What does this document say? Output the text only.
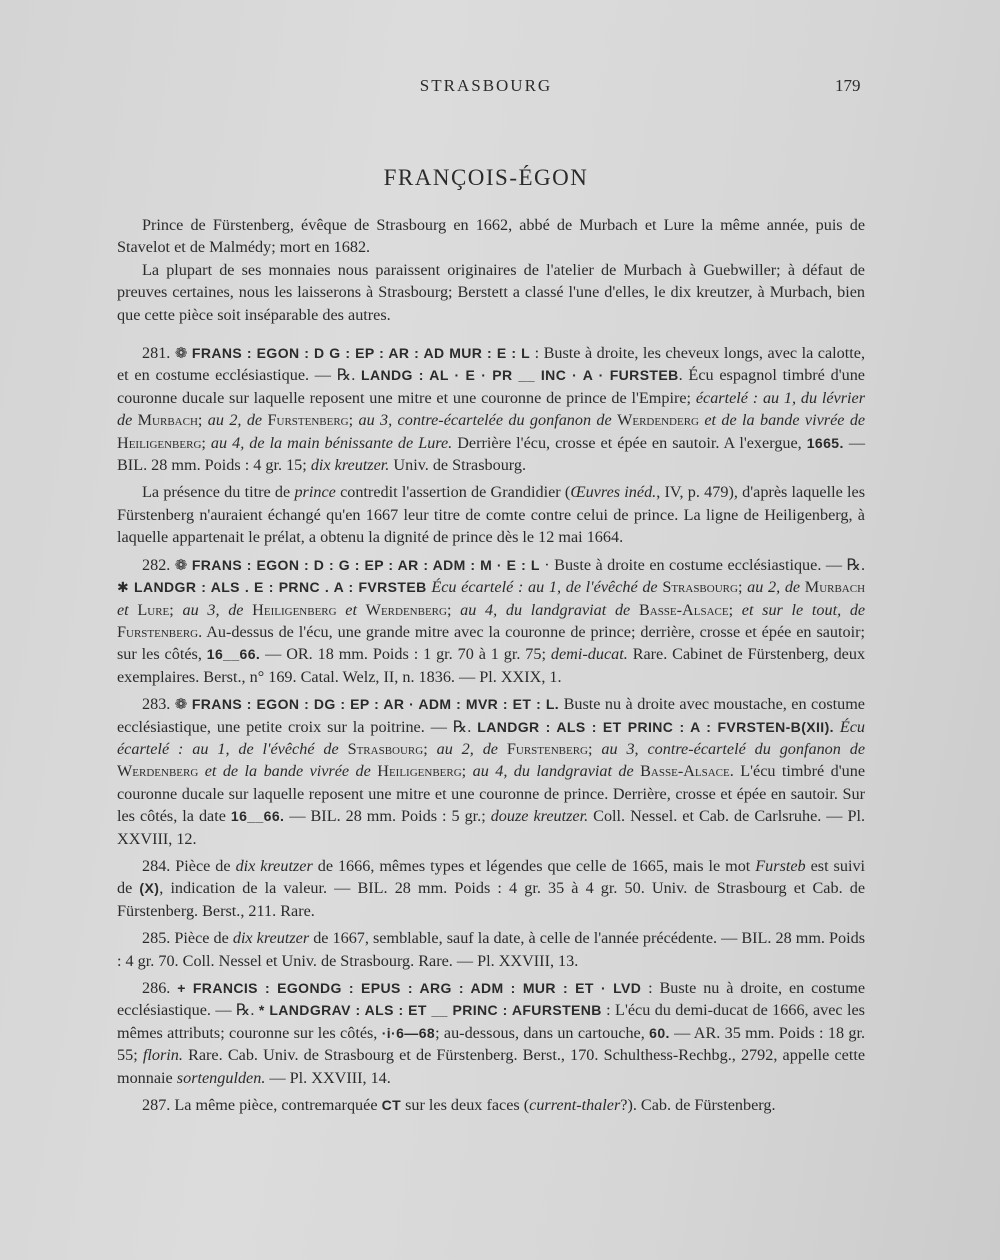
STRASBOURG	179
FRANÇOIS-ÉGON

Prince de Fürstenberg, évêque de Strasbourg en 1662, abbé de Murbach et Lure la même année, puis de Stavelot et de Malmédy; mort en 1682.

La plupart de ses monnaies nous paraissent originaires de l'atelier de Murbach à Guebwiller; à défaut de preuves certaines, nous les laisserons à Strasbourg; Berstett a classé l'une d'elles, le dix kreutzer, à Murbach, bien que cette pièce soit inséparable des autres.

281. ❁ FRANS : EGON : D G : EP : AR : AD MUR : E : L : Buste à droite, les cheveux longs, avec la calotte, et en costume ecclésiastique. — ℞. LANDG : AL · E · PR __ INC · A · FURSTEB. Écu espagnol timbré d'une couronne ducale sur laquelle reposent une mitre et une couronne de prince de l'Empire; écartelé : au 1, du lévrier de Murbach; au 2, de Furstenberg; au 3, contre-écartelée du gonfanon de Werdenderg et de la bande vivrée de Heiligenberg; au 4, de la main bénissante de Lure. Derrière l'écu, crosse et épée en sautoir. A l'exergue, 1665. — BIL. 28 mm. Poids : 4 gr. 15; dix kreutzer. Univ. de Strasbourg.

La présence du titre de prince contredit l'assertion de Grandidier (Œuvres inéd., IV, p. 479), d'après laquelle les Fürstenberg n'auraient échangé qu'en 1667 leur titre de comte contre celui de prince. La ligne de Heiligenberg, à laquelle appartenait le prélat, a obtenu la dignité de prince dès le 12 mai 1664.

282. ❁ FRANS : EGON : D : G : EP : AR : ADM : M · E : L · Buste à droite en costume ecclésiastique. — ℞. ✱ LANDGR : ALS . E : PRNC . A : FVRSTEB Écu écartelé : au 1, de l'évêché de Strasbourg; au 2, de Murbach et Lure; au 3, de Heiligenberg et Werdenberg; au 4, du landgraviat de Basse-Alsace; et sur le tout, de Furstenberg. Au-dessus de l'écu, une grande mitre avec la couronne de prince; derrière, crosse et épée en sautoir; sur les côtés, 16__66. — OR. 18 mm. Poids : 1 gr. 70 à 1 gr. 75; demi-ducat. Rare. Cabinet de Fürstenberg, deux exemplaires. Berst., n° 169. Catal. Welz, II, n. 1836. — Pl. XXIX, 1.

283. ❁ FRANS : EGON : DG : EP : AR · ADM : MVR : ET : L. Buste nu à droite avec moustache, en costume ecclésiastique, une petite croix sur la poitrine. — ℞. LANDGR : ALS : ET PRINC : A : FVRSTEN-B(XII). Écu écartelé : au 1, de l'évêché de Strasbourg; au 2, de Furstenberg; au 3, contre-écartelé du gonfanon de Werdenberg et de la bande vivrée de Heiligenberg; au 4, du landgraviat de Basse-Alsace. L'écu timbré d'une couronne ducale sur laquelle reposent une mitre et une couronne de prince. Derrière, crosse et épée en sautoir. Sur les côtés, la date 16__66. — BIL. 28 mm. Poids : 5 gr.; douze kreutzer. Coll. Nessel. et Cab. de Carlsruhe. — Pl. XXVIII, 12.

284. Pièce de dix kreutzer de 1666, mêmes types et légendes que celle de 1665, mais le mot Fursteb est suivi de (X), indication de la valeur. — BIL. 28 mm. Poids : 4 gr. 35 à 4 gr. 50. Univ. de Strasbourg et Cab. de Fürstenberg. Berst., 211. Rare.

285. Pièce de dix kreutzer de 1667, semblable, sauf la date, à celle de l'année précédente. — BIL. 28 mm. Poids : 4 gr. 70. Coll. Nessel et Univ. de Strasbourg. Rare. — Pl. XXVIII, 13.

286. + FRANCIS : EGONDG : EPUS : ARG : ADM : MUR : ET · LVD : Buste nu à droite, en costume ecclésiastique. — ℞. * LANDGRAV : ALS : ET __ PRINC : AFURSTENB : L'écu du demi-ducat de 1666, avec les mêmes attributs; couronne sur les côtés, ·i·6—68; au-dessous, dans un cartouche, 60. — AR. 35 mm. Poids : 18 gr. 55; florin. Rare. Cab. Univ. de Strasbourg et de Fürstenberg. Berst., 170. Schulthess-Rechbg., 2792, appelle cette monnaie sortengulden. — Pl. XXVIII, 14.

287. La même pièce, contremarquée CT sur les deux faces (current-thaler?). Cab. de Fürstenberg.
